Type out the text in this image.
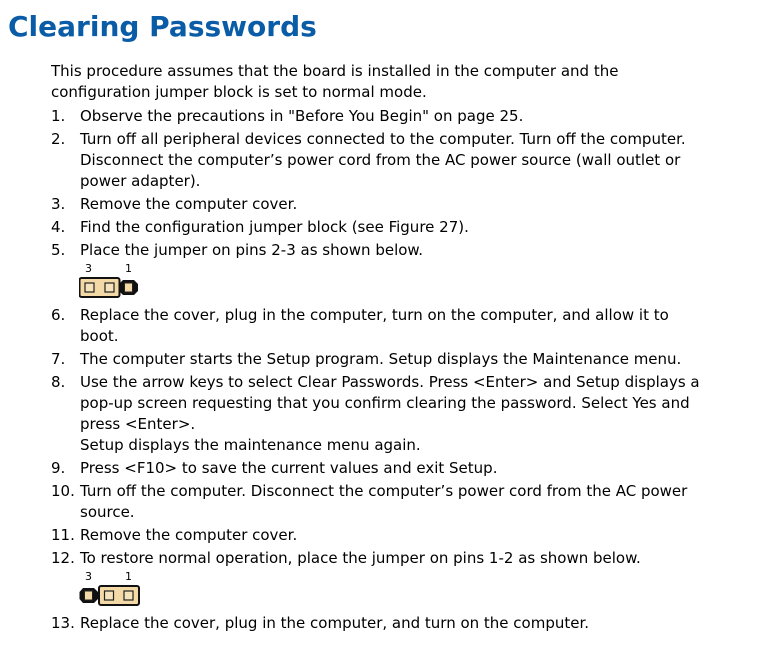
Clearing Passwords
This procedure assumes that the board is installed in the computer and the
configuration jumper block is set to normal mode.
1. Observe the precautions in "Before You Begin" on page 25.
2. Turn off all peripheral devices connected to the computer. Turn off the computer.
Disconnect the computer’s power cord from the AC power source (wall outlet or
power adapter).
3. Remove the computer cover.
4. Find the configuration jumper block (see Figure 27).
5. Place the jumper on pins 2-3 as shown below.
3	1
6. Replace the cover, plug in the computer, turn on the computer, and allow it to
boot.
7. The computer starts the Setup program. Setup displays the Maintenance menu.
8. Use the arrow keys to select Clear Passwords. Press <Enter> and Setup displays a
pop-up screen requesting that you confirm clearing the password. Select Yes and
press <Enter>.
Setup displays the maintenance menu again.
9. Press <F10> to save the current values and exit Setup.
10. Turn off the computer. Disconnect the computer’s power cord from the AC power
source.
11. Remove the computer cover.
12. To restore normal operation, place the jumper on pins 1-2 as shown below.
3	1
13. Replace the cover, plug in the computer, and turn on the computer.
